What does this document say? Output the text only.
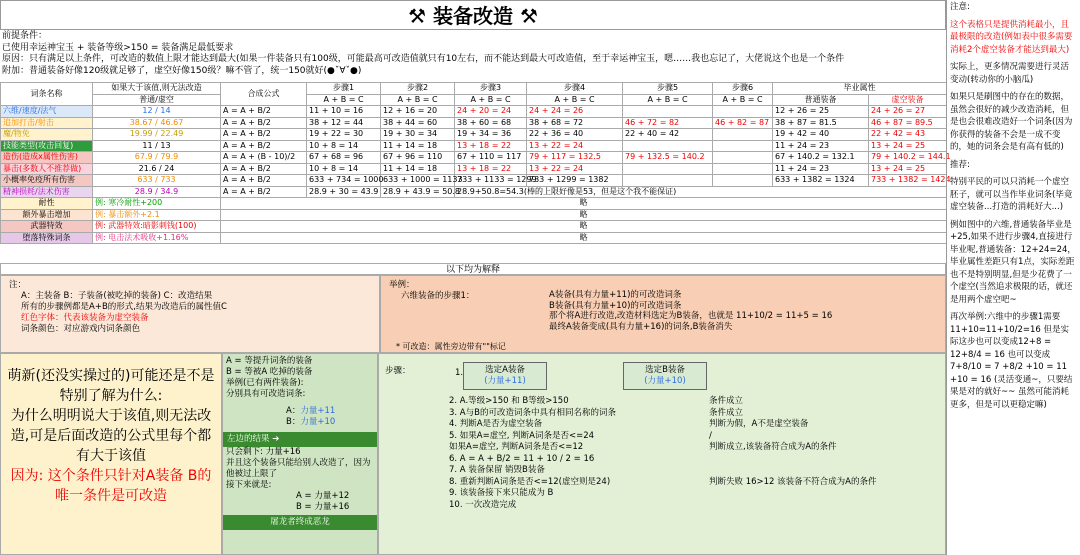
⚒ 装备改造 ⚒
前提条件：
已使用幸运神宝玉 + 装备等级>150 = 装备满足最低要求
原因：只有满足以上条件，可改造的数值上限才能达到最大(如果一件装备只有100级，可能最高可改造值就只有10左右，而不能达到最大可改造值，至于幸运神宝玉，嗯……我也忘记了，大佬说这个也是一个条件
附加：普通装备好像120级就足够了，虚空好像150级？嘛不管了，统一150就好(●ˇ∀ˇ●)
词条名称	如果大于该值,则无法改造	合成公式	步骤1	步骤2	步骤3	步骤4	步骤5	步骤6	毕业属性	
	普通/虚空		A + B = C	A + B = C	A + B = C	A + B = C	A + B = C	A + B = C	普通装备	虚空装备
六维/速度/法气	12 / 14	A = A + B/2	11 + 10 = 16	12 + 16 = 20	24 + 20 = 24	24 + 24 = 26			12 + 26 = 25	24 + 26 = 27
追加打击/射击	38.67 / 46.67	A = A + B/2	38 + 12 = 44	38 + 44 = 60	38 + 60 = 68	38 + 68 = 72	46 + 72 = 82	46 + 82 = 87	38 + 87 = 81.5	46 + 87 = 89.5
魔/物免	19.99 / 22.49	A = A + B/2	19 + 22 = 30	19 + 30 = 34	19 + 34 = 36	22 + 36 = 40	22 + 40 = 42		19 + 42 = 40	22 + 42 = 43
技能类型(攻击回复)	11 / 13	A = A + B/2	10 + 8 = 14	11 + 14 = 18	13 + 18 = 22	13 + 22 = 24			11 + 24 = 23	13 + 24 = 25
造伤(造成x属性伤害)	67.9 / 79.9	A = A + (B - 10)/2	67 + 68 = 96	67 + 96 = 110	67 + 110 = 117	79 + 117 = 132.5	79 + 132.5 = 140.2		67 + 140.2 = 132.1	79 + 140.2 = 144.1
暴击(多数人不推荐做)	21.6 / 24	A = A + B/2	10 + 8 = 14	11 + 14 = 18	13 + 18 = 22	13 + 22 = 24			11 + 24 = 23	13 + 24 = 25
小概率免疫所有伤害	633 / 733	A = A + B/2	633 + 734 = 1000	633 + 1000 = 1133	733 + 1133 = 1299	733 + 1299 = 1382			633 + 1382 = 1324	733 + 1382 = 1424
精神损耗/法术伤害	28.9 / 34.9	A = A + B/2	28.9 + 30 = 43.9	28.9 + 43.9 = 50.8	28.9+50.8=54.3(棒的上限好像是53，但是这个我不能保证)					
耐性	例: 寒冷耐性+200	略								
额外暴击增加	例: 暴击额外+2.1	略								
武器特效	例: 武器特效:暗影刺钱(100)	略								
堕落特殊词条	例: 电击法术吸收+1.16%	略								
以下均为解释
注：
A：主装备 B：子装备(被吃掉的装备) C：改造结果
所有的步骤例都是A+B的形式,结果为改造后的属性值C
红色字体：代表该装备为虚空装备
词条颜色：对应游戏内词条颜色
举例：
六维装备的步骤1：	A装备(具有力量+11)的可改造词条
B装备(具有力量+10)的可改造词条
那个将A进行改造,改造材料选定为B装备，也就是 11+10/2 = 11+5 = 16
最终A装备变成(具有力量+16)的词条,B装备消失
* 可改造：属性旁边带有""标记
萌新(还没实操过的)可能还是不是特别了解为什么:
为什么明明说大于该值,则无法改造,可是后面改造的公式里每个都有大于该值
因为: 这个条件只针对A装备 B的唯一条件是可改造
A = 等提升词条的装备
B = 等被A 吃掉的装备
举例(已有两件装备):
分别具有可改造词条:
A：力量+11
B：力量+10
左边的结果 ➔
只会剩下: 力量+16
并且这个装备只能给别人改造了，因为他被过上限了
接下来就是:
A = 力量+12
B = 力量+16
屠龙者终成恶龙
步骤：	选定A装备
(力量+11)
选定B装备
(力量+10)
2. A.等级>150 和 B等级>150	条件成立
3. A与B的可改造词条中具有相同名称的词条	条件成立
4. 判断A是否为虚空装备	判断为假，A不是虚空装备
5. 如果A=虚空, 判断A词条是否<=24	/
如果A=虚空, 判断A词条是否<=12	判断成立,该装备符合成为A的条件
6. A = A + B/2 = 11 + 10 / 2 = 16
7. A 装备保留 销毁B装备
8. 重新判断A词条是否<=12(虚空则是24)	判断失败 16>12 该装备不符合成为A的条件
9. 该装备接下来只能成为 B
10. 一次改造完成
1.

注意:

这个表格只是提供消耗最小，且最极限的改造(例如表中很多需要消耗2个虚空装备才能达到最大)

实际上，更多情况需要进行灵活变动(转动你的小脑瓜)

如果只是刷图中的存在的数据，虽然会很好的减少改造消耗，但是也会很难改造好一个词条(因为你获得的装备不会是一成不变的，她的词条会是有高有低的)

推荐:

特别平民的可以只消耗一个虚空胚子，就可以当作毕业词条(毕竟虚空装备...打造的消耗好大...)

例如图中的六维,普通装备毕业是+25,如果不进行步骤4,直接进行毕业呢,普通装备：12+24=24，毕业属性差距只有1点，实际差距也不是特别明显,但是少花费了一个虚空(当然追求极限的话，就还是用两个虚空吧~

再次举例:六维中的步骤1需要11+10=11+10/2=16 但是实际这步也可以变成12+8 = 12+8/4 = 16 也可以变成7+8/10 = 7 +8/2 +10 = 11 +10 = 16 (灵活变通~，只要结果是对的就好~~ 虽然可能消耗更多，但是可以更稳定嘛)
